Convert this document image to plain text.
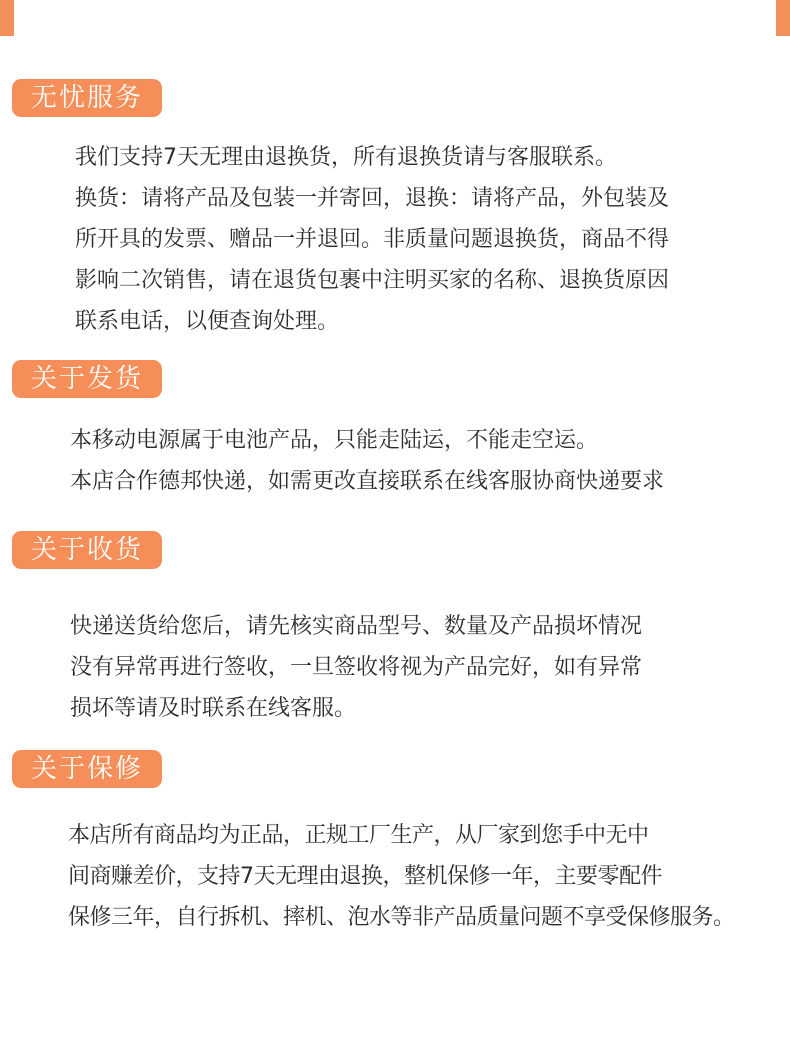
无忧服务
我们支持7天无理由退换货，所有退换货请与客服联系。
换货：请将产品及包装一并寄回，退换：请将产品，外包装及
所开具的发票、赠品一并退回。非质量问题退换货，商品不得
影响二次销售，请在退货包裹中注明买家的名称、退换货原因
联系电话，以便查询处理。
关于发货
本移动电源属于电池产品，只能走陆运，不能走空运。
本店合作德邦快递，如需更改直接联系在线客服协商快递要求
关于收货
快递送货给您后，请先核实商品型号、数量及产品损坏情况
没有异常再进行签收，一旦签收将视为产品完好，如有异常
损坏等请及时联系在线客服。
关于保修
本店所有商品均为正品，正规工厂生产，从厂家到您手中无中
间商赚差价，支持7天无理由退换，整机保修一年，主要零配件
保修三年，自行拆机、摔机、泡水等非产品质量问题不享受保修服务。
